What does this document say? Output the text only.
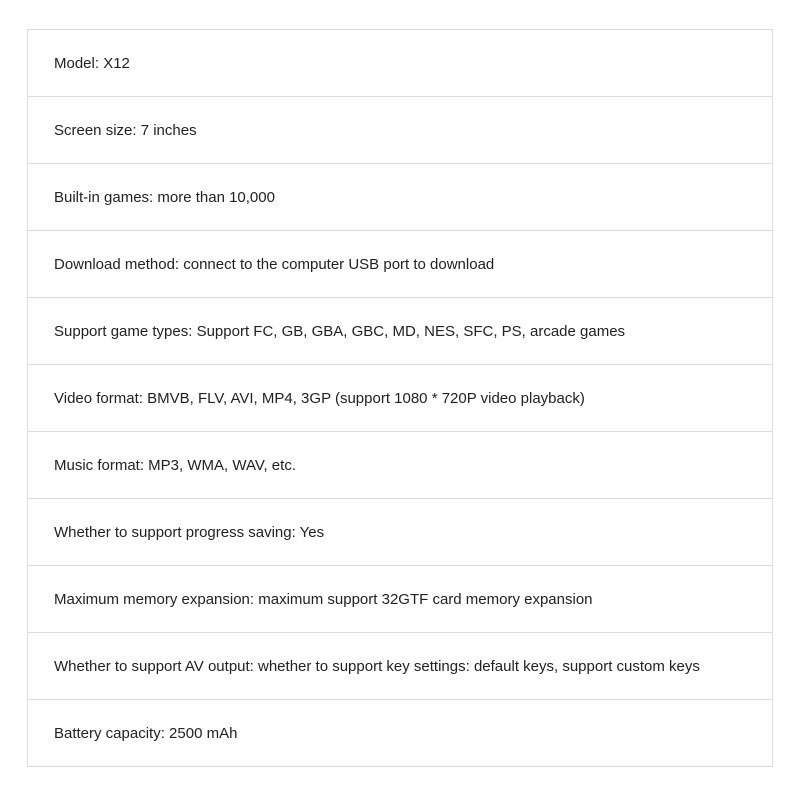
Model: X12
Screen size: 7 inches
Built-in games: more than 10,000
Download method: connect to the computer USB port to download
Support game types: Support FC, GB, GBA, GBC, MD, NES, SFC, PS, arcade games
Video format: BMVB, FLV, AVI, MP4, 3GP (support 1080 * 720P video playback)
Music format: MP3, WMA, WAV, etc.
Whether to support progress saving: Yes
Maximum memory expansion: maximum support 32GTF card memory expansion
Whether to support AV output: whether to support key settings: default keys, support custom keys
Battery capacity: 2500 mAh
